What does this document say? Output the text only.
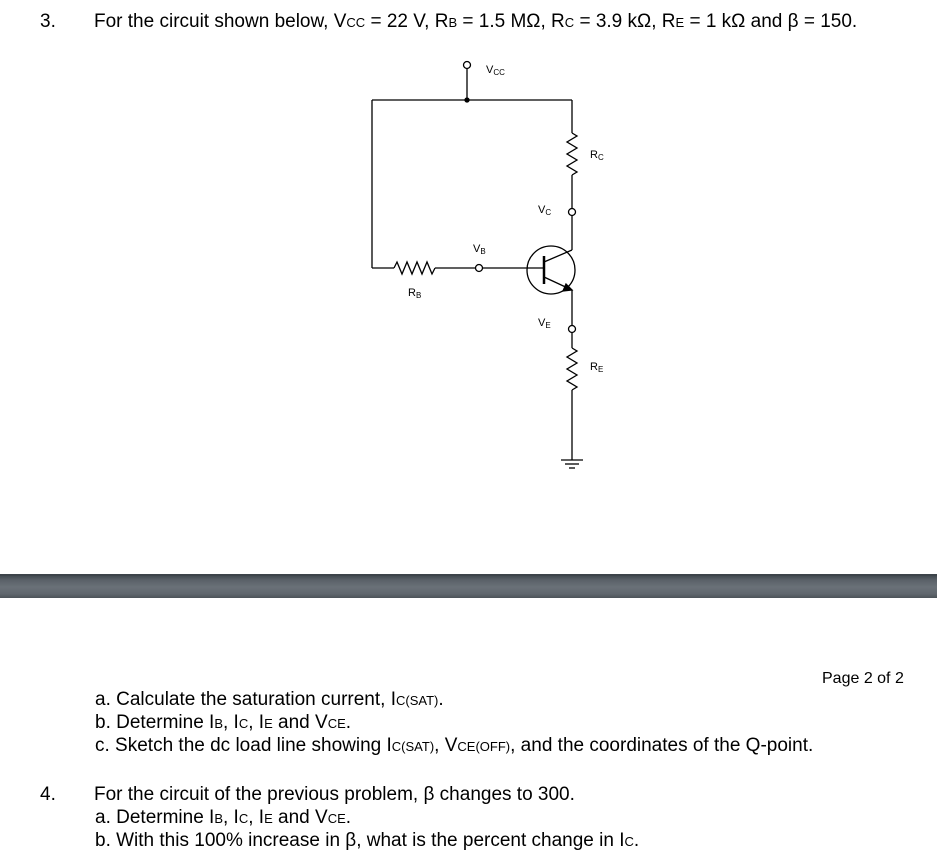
3. For the circuit shown below, VCC = 22 V, RB = 1.5 MΩ, RC = 3.9 kΩ, RE = 1 kΩ and β = 150.
VCC
RC
VC
VB
RB
VE
RE
Page 2 of 2
a. Calculate the saturation current, IC(SAT).
b. Determine IB, IC, IE and VCE.
c. Sketch the dc load line showing IC(SAT), VCE(OFF), and the coordinates of the Q-point.
4. For the circuit of the previous problem, β changes to 300.
a. Determine IB, IC, IE and VCE.
b. With this 100% increase in β, what is the percent change in IC.
